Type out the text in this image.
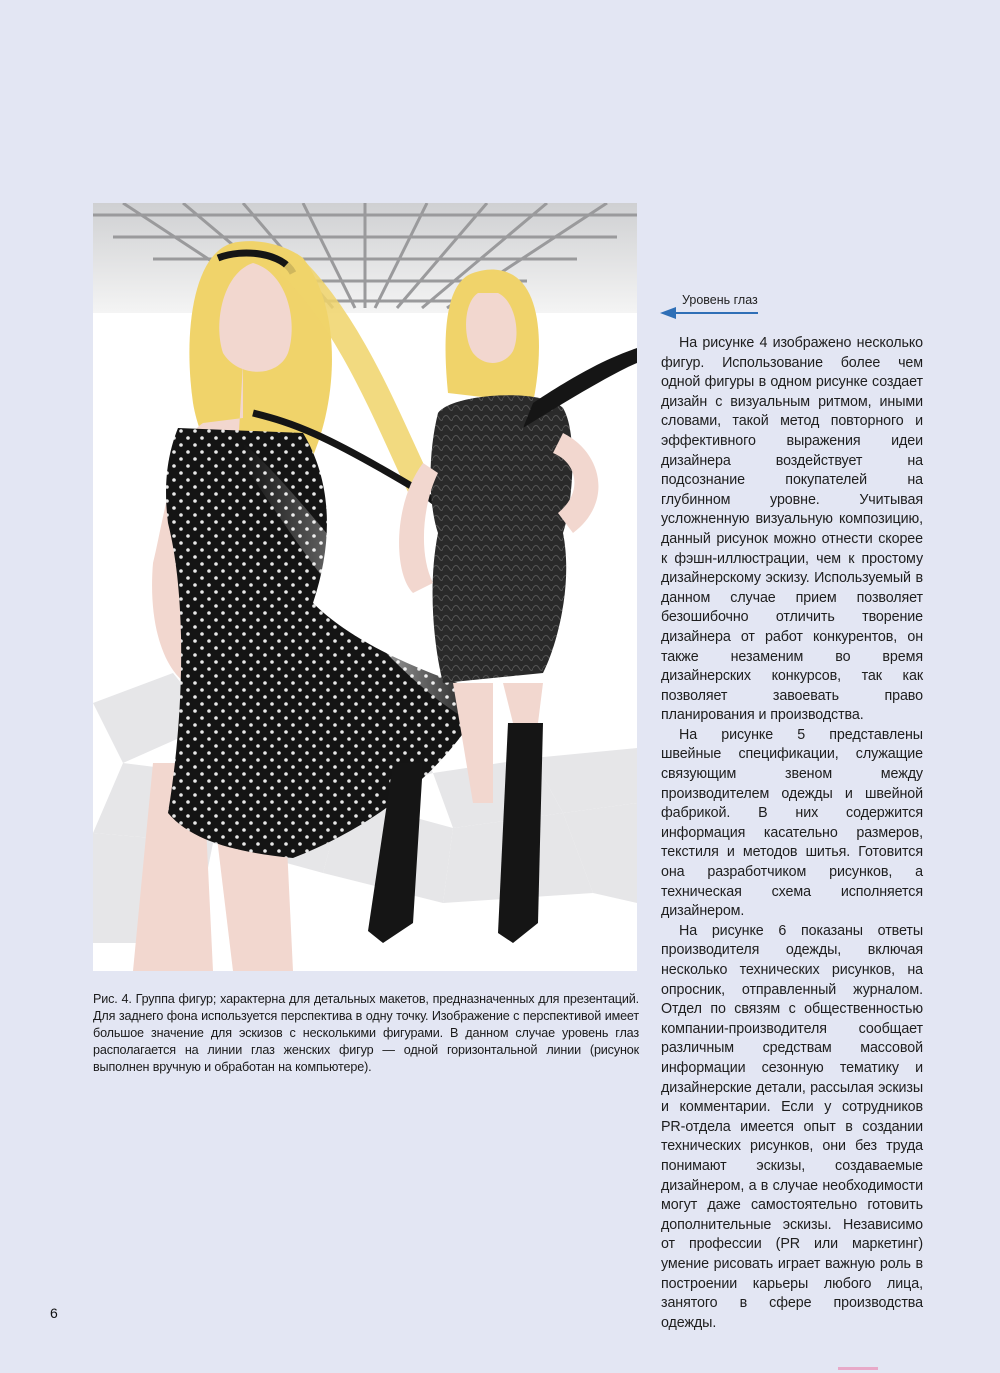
Рис. 4. Группа фигур; характерна для детальных макетов, предназначенных для презентаций. Для заднего фона используется перспектива в одну точку. Изображение с перспективой имеет большое значение для эскизов с несколькими фигурами. В данном случае уровень глаз располагается на линии глаз женских фигур — одной горизонтальной линии (рисунок выполнен вручную и обработан на компьютере).
Уровень глаз

На рисунке 4 изображено несколько фигур. Использование более чем одной фигуры в одном рисунке создает дизайн с визуальным ритмом, иными словами, такой метод повторного и эффективного выражения идеи дизайнера воздействует на подсознание покупателей на глубинном уровне. Учитывая усложненную визуальную композицию, данный рисунок можно отнести скорее к фэшн-иллюстрации, чем к простому дизайнерскому эскизу. Используемый в данном случае прием позволяет безошибочно отличить творение дизайнера от работ конкурентов, он также незаменим во время дизайнерских конкурсов, так как позволяет завоевать право планирования и производства.

На рисунке 5 представлены швейные спецификации, служащие связующим звеном между производителем одежды и швейной фабрикой. В них содержится информация касательно размеров, текстиля и методов шитья. Готовится она разработчиком рисунков, а техническая схема исполняется дизайнером.

На рисунке 6 показаны ответы производителя одежды, включая несколько технических рисунков, на опросник, отправленный журналом. Отдел по связям с общественностью компании-производителя сообщает различным средствам массовой информации сезонную тематику и дизайнерские детали, рассылая эскизы и комментарии. Если у сотрудников PR-отдела имеется опыт в создании технических рисунков, они без труда понимают эскизы, создаваемые дизайнером, а в случае необходимости могут даже самостоятельно готовить дополнительные эскизы. Независимо от профессии (PR или маркетинг) умение рисовать играет важную роль в построении карьеры любого лица, занятого в сфере производства одежды.

6
